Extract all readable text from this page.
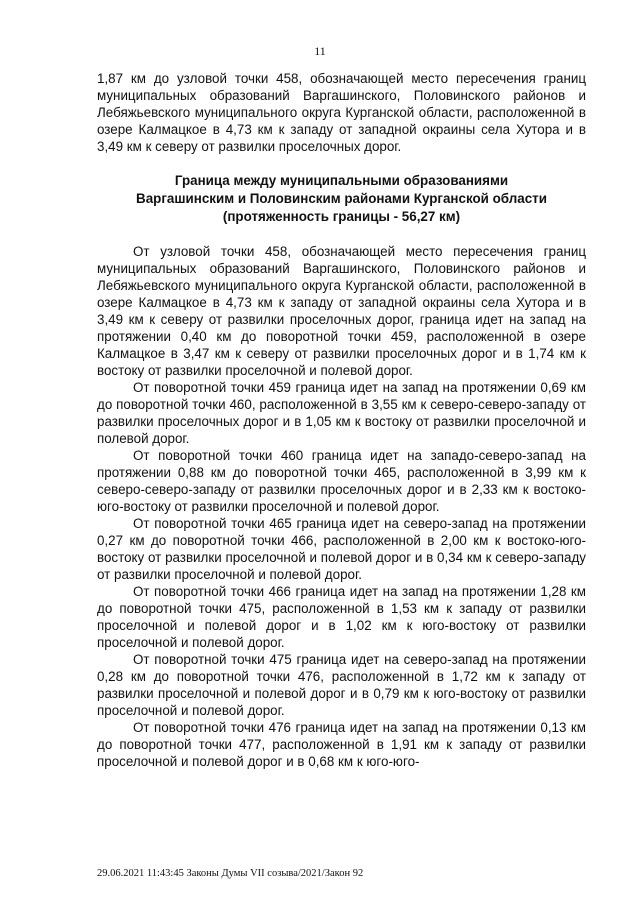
11

1,87 км до узловой точки 458, обозначающей место пересечения границ муниципальных образований Варгашинского, Половинского районов и Лебяжьевского муниципального округа Курганской области, расположенной в озере Калмацкое в 4,73 км к западу от западной окраины села Хутора и в 3,49 км к северу от развилки проселочных дорог.

Граница между муниципальными образованиями
Варгашинским и Половинским районами Курганской области
(протяженность границы - 56,27 км)

От узловой точки 458, обозначающей место пересечения границ муниципальных образований Варгашинского, Половинского районов и Лебяжьевского муниципального округа Курганской области, расположенной в озере Калмацкое в 4,73 км к западу от западной окраины села Хутора и в 3,49 км к северу от развилки проселочных дорог, граница идет на запад на протяжении 0,40 км до поворотной точки 459, расположенной в озере Калмацкое в 3,47 км к северу от развилки проселочных дорог и в 1,74 км к востоку от развилки проселочной и полевой дорог.

От поворотной точки 459 граница идет на запад на протяжении 0,69 км до поворотной точки 460, расположенной в 3,55 км к северо-северо-западу от развилки проселочных дорог и в 1,05 км к востоку от развилки проселочной и полевой дорог.

От поворотной точки 460 граница идет на западо-северо-запад на протяжении 0,88 км до поворотной точки 465, расположенной в 3,99 км к северо-северо-западу от развилки проселочных дорог и в 2,33 км к востоко-юго-востоку от развилки проселочной и полевой дорог.

От поворотной точки 465 граница идет на северо-запад на протяжении 0,27 км до поворотной точки 466, расположенной в 2,00 км к востоко-юго-востоку от развилки проселочной и полевой дорог и в 0,34 км к северо-западу от развилки проселочной и полевой дорог.

От поворотной точки 466 граница идет на запад на протяжении 1,28 км до поворотной точки 475, расположенной в 1,53 км к западу от развилки проселочной и полевой дорог и в 1,02 км к юго-востоку от развилки проселочной и полевой дорог.

От поворотной точки 475 граница идет на северо-запад на протяжении 0,28 км до поворотной точки 476, расположенной в 1,72 км к западу от развилки проселочной и полевой дорог и в 0,79 км к юго-востоку от развилки проселочной и полевой дорог.

От поворотной точки 476 граница идет на запад на протяжении 0,13 км до поворотной точки 477, расположенной в 1,91 км к западу от развилки проселочной и полевой дорог и в 0,68 км к юго-юго-

29.06.2021 11:43:45 Законы Думы VII созыва/2021/Закон 92
